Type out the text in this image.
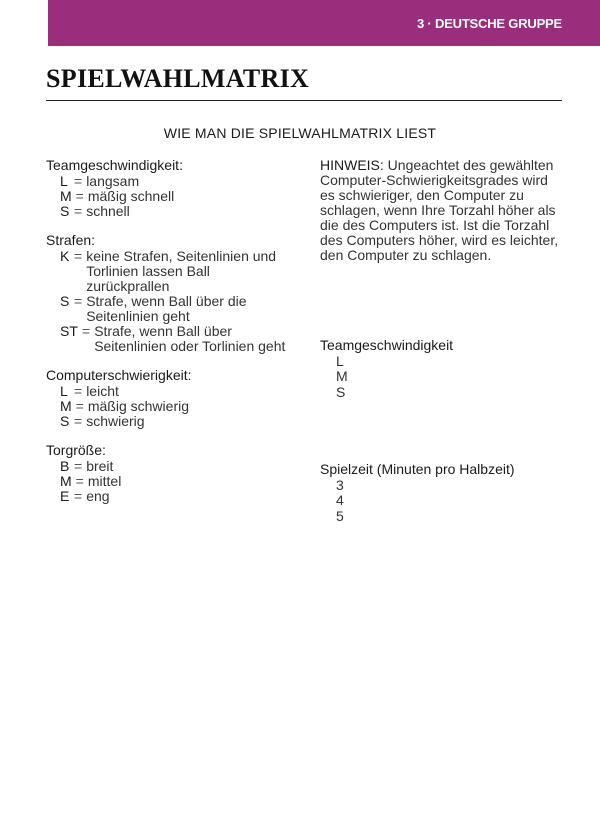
3 · DEUTSCHE GRUPPE
SPIELWAHLMATRIX
WIE MAN DIE SPIELWAHLMATRIX LIEST
Teamgeschwindigkeit:
L = langsam
M = mäßig schnell
S = schnell
Strafen:
K = keine Strafen, Seitenlinien und Torlinien lassen Ball zurückprallen
S = Strafe, wenn Ball über die Seitenlinien geht
ST = Strafe, wenn Ball über Seitenlinien oder Torlinien geht
Computerschwierigkeit:
L = leicht
M = mäßig schwierig
S = schwierig
Torgröße:
B = breit
M = mittel
E = eng

HINWEIS: Ungeachtet des gewählten Computer-Schwierigkeitsgrades wird es schwieriger, den Computer zu schlagen, wenn Ihre Torzahl höher als die des Computers ist. Ist die Torzahl des Computers höher, wird es leichter, den Computer zu schlagen.

Teamgeschwindigkeit
L
M
S
Spielzeit (Minuten pro Halbzeit)
3
4
5
